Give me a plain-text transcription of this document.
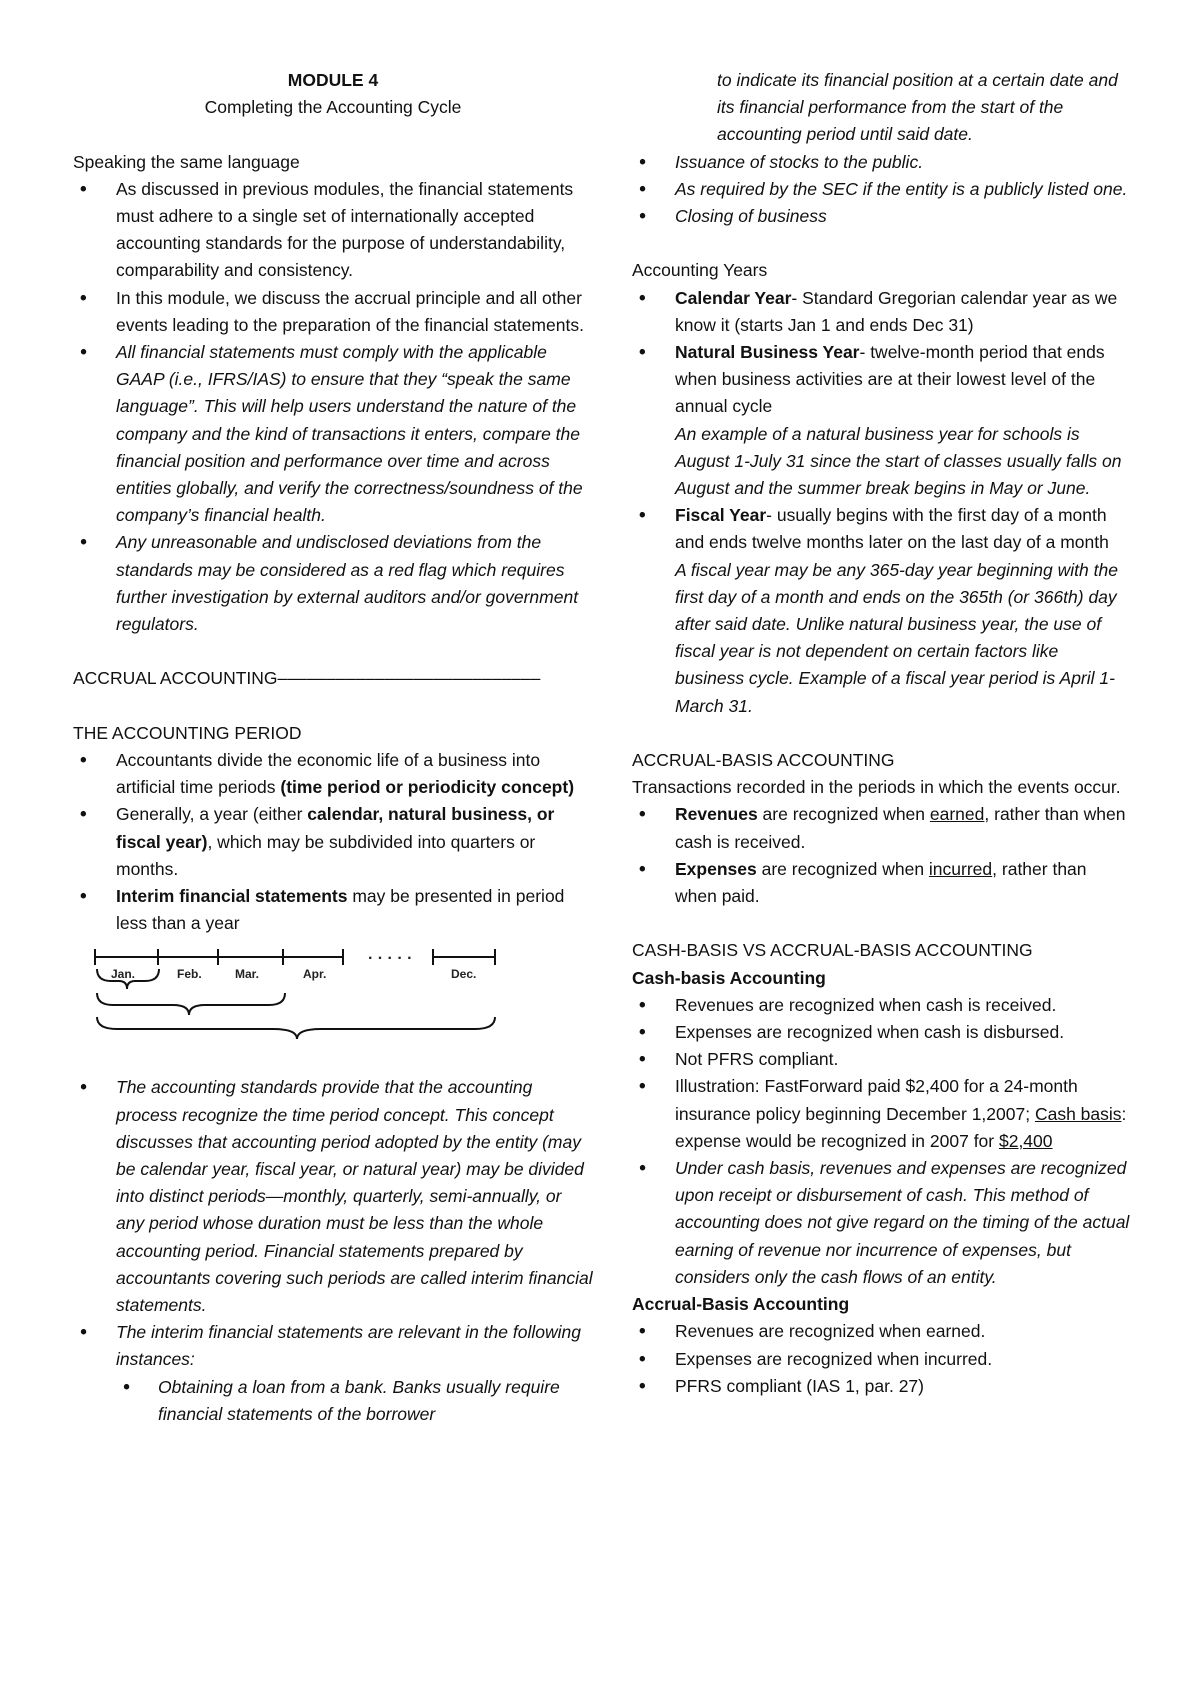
MODULE 4

Completing the Accounting Cycle

Speaking the same language

• As discussed in previous modules, the financial statements must adhere to a single set of internationally accepted accounting standards for the purpose of understandability, comparability and consistency.
• In this module, we discuss the accrual principle and all other events leading to the preparation of the financial statements.
• All financial statements must comply with the applicable GAAP (i.e., IFRS/IAS) to ensure that they “speak the same language”. This will help users understand the nature of the company and the kind of transactions it enters, compare the financial position and performance over time and across entities globally, and verify the correctness/soundness of the company’s financial health.
• Any unreasonable and undisclosed deviations from the standards may be considered as a red flag which requires further investigation by external auditors and/or government regulators.

ACCRUAL ACCOUNTING–––––––––––––––––––––––––––

THE ACCOUNTING PERIOD

• Accountants divide the economic life of a business into artificial time periods (time period or periodicity concept)
• Generally, a year (either calendar, natural business, or fiscal year), which may be subdivided into quarters or months.
• Interim financial statements may be presented in period less than a year
Jan.	Feb.	Mar.	Apr.	Dec.
· · · · ·
• The accounting standards provide that the accounting process recognize the time period concept. This concept discusses that accounting period adopted by the entity (may be calendar year, fiscal year, or natural year) may be divided into distinct periods—monthly, quarterly, semi-annually, or any period whose duration must be less than the whole accounting period. Financial statements prepared by accountants covering such periods are called interim financial statements.
• The interim financial statements are relevant in the following instances:
• Obtaining a loan from a bank. Banks usually require financial statements of the borrower
to indicate its financial position at a certain date and its financial performance from the start of the accounting period until said date.
• Issuance of stocks to the public.
• As required by the SEC if the entity is a publicly listed one.
• Closing of business

Accounting Years

• Calendar Year- Standard Gregorian calendar year as we know it (starts Jan 1 and ends Dec 31)
• Natural Business Year- twelve-month period that ends when business activities are at their lowest level of the annual cycle
An example of a natural business year for schools is August 1-July 31 since the start of classes usually falls on August and the summer break begins in May or June.
• Fiscal Year- usually begins with the first day of a month and ends twelve months later on the last day of a month
A fiscal year may be any 365-day year beginning with the first day of a month and ends on the 365th (or 366th) day after said date. Unlike natural business year, the use of fiscal year is not dependent on certain factors like business cycle. Example of a fiscal year period is April 1-March 31.

ACCRUAL-BASIS ACCOUNTING

Transactions recorded in the periods in which the events occur.

• Revenues are recognized when earned, rather than when cash is received.
• Expenses are recognized when incurred, rather than when paid.

CASH-BASIS VS ACCRUAL-BASIS ACCOUNTING

Cash-basis Accounting

• Revenues are recognized when cash is received.
• Expenses are recognized when cash is disbursed.
• Not PFRS compliant.
• Illustration: FastForward paid $2,400 for a 24-month insurance policy beginning December 1,2007; Cash basis: expense would be recognized in 2007 for $2,400
• Under cash basis, revenues and expenses are recognized upon receipt or disbursement of cash. This method of accounting does not give regard on the timing of the actual earning of revenue nor incurrence of expenses, but considers only the cash flows of an entity.

Accrual-Basis Accounting

• Revenues are recognized when earned.
• Expenses are recognized when incurred.
• PFRS compliant (IAS 1, par. 27)
